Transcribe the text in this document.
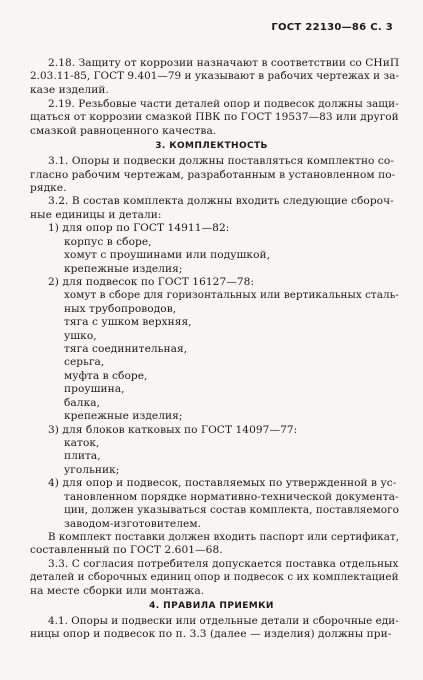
ГОСТ 22130—86 С. 3
2.18. Защиту от коррозии назначают в соответствии со СНиП
2.03.11-85, ГОСТ 9.401—79 и указывают в рабочих чертежах и за-
казе изделий.
2.19. Резьбовые части деталей опор и подвесок должны защи-
щаться от коррозии смазкой ПВК по ГОСТ 19537—83 или другой
смазкой равноценного качества.
3. КОМПЛЕКТНОСТЬ
3.1. Опоры и подвески должны поставляться комплектно со-
гласно рабочим чертежам, разработанным в установленном по-
рядке.
3.2. В состав комплекта должны входить следующие сбороч-
ные единицы и детали:
1) для опор по ГОСТ 14911—82:
корпус в сборе,
хомут с проушинами или подушкой,
крепежные изделия;
2) для подвесок по ГОСТ 16127—78:
хомут в сборе для горизонтальных или вертикальных сталь-
ных трубопроводов,
тяга с ушком верхняя,
ушко,
тяга соединительная,
серьга,
муфта в сборе,
проушина,
балка,
крепежные изделия;
3) для блоков катковых по ГОСТ 14097—77:
каток,
плита,
угольник;
4) для опор и подвесок, поставляемых по утвержденной в ус-
тановленном порядке нормативно-технической документа-
ции, должен указываться состав комплекта, поставляемого
заводом-изготовителем.
В комплект поставки должен входить паспорт или сертификат,
составленный по ГОСТ 2.601—68.
3.3. С согласия потребителя допускается поставка отдельных
деталей и сборочных единиц опор и подвесок с их комплектацией
на месте сборки или монтажа.
4. ПРАВИЛА ПРИЕМКИ
4.1. Опоры и подвески или отдельные детали и сборочные еди-
ницы опор и подвесок по п. 3.3 (далее — изделия) должны при-
